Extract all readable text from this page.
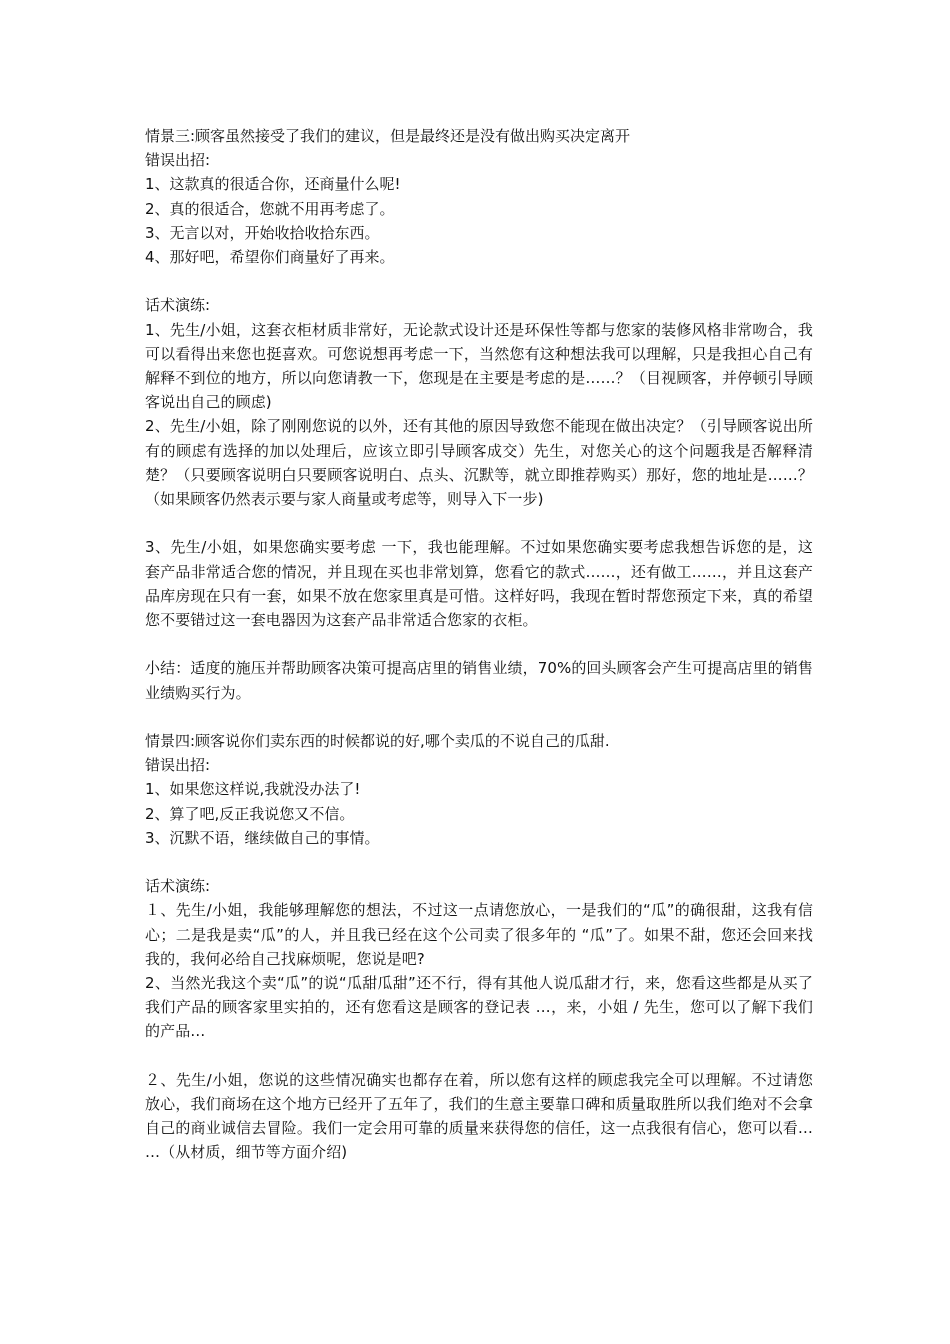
情景三:顾客虽然接受了我们的建议，但是最终还是没有做出购买决定离开
错误出招:
1、这款真的很适合你，还商量什么呢!
2、真的很适合，您就不用再考虑了。
3、无言以对，开始收拾收拾东西。
4、那好吧，希望你们商量好了再来。
话术演练:
1、先生/小姐，这套衣柜材质非常好，无论款式设计还是环保性等都与您家的装修风格非常吻合，我可以看得出来您也挺喜欢。可您说想再考虑一下，当然您有这种想法我可以理解，只是我担心自己有解释不到位的地方，所以向您请教一下，您现是在主要是考虑的是……？（目视顾客，并停顿引导顾客说出自己的顾虑)
2、先生/小姐，除了刚刚您说的以外，还有其他的原因导致您不能现在做出决定？（引导顾客说出所有的顾虑有选择的加以处理后，应该立即引导顾客成交）先生，对您关心的这个问题我是否解释清楚？（只要顾客说明白只要顾客说明白、点头、沉默等，就立即推荐购买）那好，您的地址是……？（如果顾客仍然表示要与家人商量或考虑等，则导入下一步)
3、先生/小姐，如果您确实要考虑 一下，我也能理解。不过如果您确实要考虑我想告诉您的是，这套产品非常适合您的情况，并且现在买也非常划算，您看它的款式……，还有做工……，并且这套产品库房现在只有一套，如果不放在您家里真是可惜。这样好吗，我现在暂时帮您预定下来，真的希望您不要错过这一套电器因为这套产品非常适合您家的衣柜。
小结：适度的施压并帮助顾客决策可提高店里的销售业绩，70%的回头顾客会产生可提高店里的销售业绩购买行为。
情景四:顾客说你们卖东西的时候都说的好,哪个卖瓜的不说自己的瓜甜.
错误出招:
1、如果您这样说,我就没办法了!
2、算了吧,反正我说您又不信。
3、沉默不语，继续做自己的事情。
话术演练:
１、先生/小姐，我能够理解您的想法，不过这一点请您放心，一是我们的“瓜”的确很甜，这我有信心；二是我是卖“瓜”的人，并且我已经在这个公司卖了很多年的 “瓜”了。如果不甜，您还会回来找我的，我何必给自己找麻烦呢，您说是吧?
2、当然光我这个卖“瓜”的说“瓜甜瓜甜”还不行，得有其他人说瓜甜才行，来，您看这些都是从买了我们产品的顾客家里实拍的，还有您看这是顾客的登记表 …，来，小姐 / 先生，您可以了解下我们的产品…
２、先生/小姐，您说的这些情况确实也都存在着，所以您有这样的顾虑我完全可以理解。不过请您放心，我们商场在这个地方已经开了五年了，我们的生意主要靠口碑和质量取胜所以我们绝对不会拿自己的商业诚信去冒险。我们一定会用可靠的质量来获得您的信任，这一点我很有信心，您可以看… …（从材质，细节等方面介绍)
